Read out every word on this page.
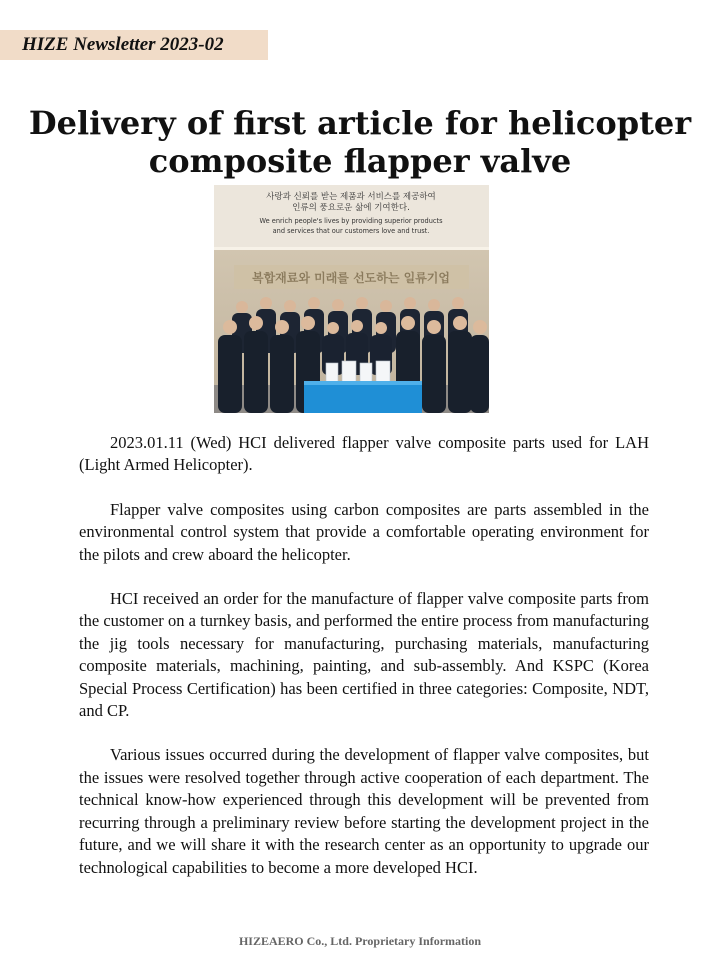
HIZE Newsletter 2023-02
Delivery of first article for helicopter
composite flapper valve
사랑과 신뢰를 받는 제품과 서비스를 제공하여
인류의 풍요로운 삶에 기여한다.
We enrich people's lives by providing superior products
and services that our customers love and trust.
복합재료와 미래를 선도하는 일류기업

2023.01.11 (Wed) HCI delivered flapper valve composite parts used for LAH (Light Armed Helicopter).

Flapper valve composites using carbon composites are parts assembled in the environmental control system that provide a comfortable operating environment for the pilots and crew aboard the helicopter.

HCI received an order for the manufacture of flapper valve composite parts from the customer on a turnkey basis, and performed the entire process from manufacturing the jig tools necessary for manufacturing, purchasing materials, manufacturing composite materials, machining, painting, and sub-assembly. And KSPC (Korea Special Process Certification) has been certified in three categories: Composite, NDT, and CP.

Various issues occurred during the development of flapper valve composites, but the issues were resolved together through active cooperation of each department. The technical know-how experienced through this development will be prevented from recurring through a preliminary review before starting the development project in the future, and we will share it with the research center as an opportunity to upgrade our technological capabilities to become a more developed HCI.

HIZEAERO Co., Ltd. Proprietary Information
